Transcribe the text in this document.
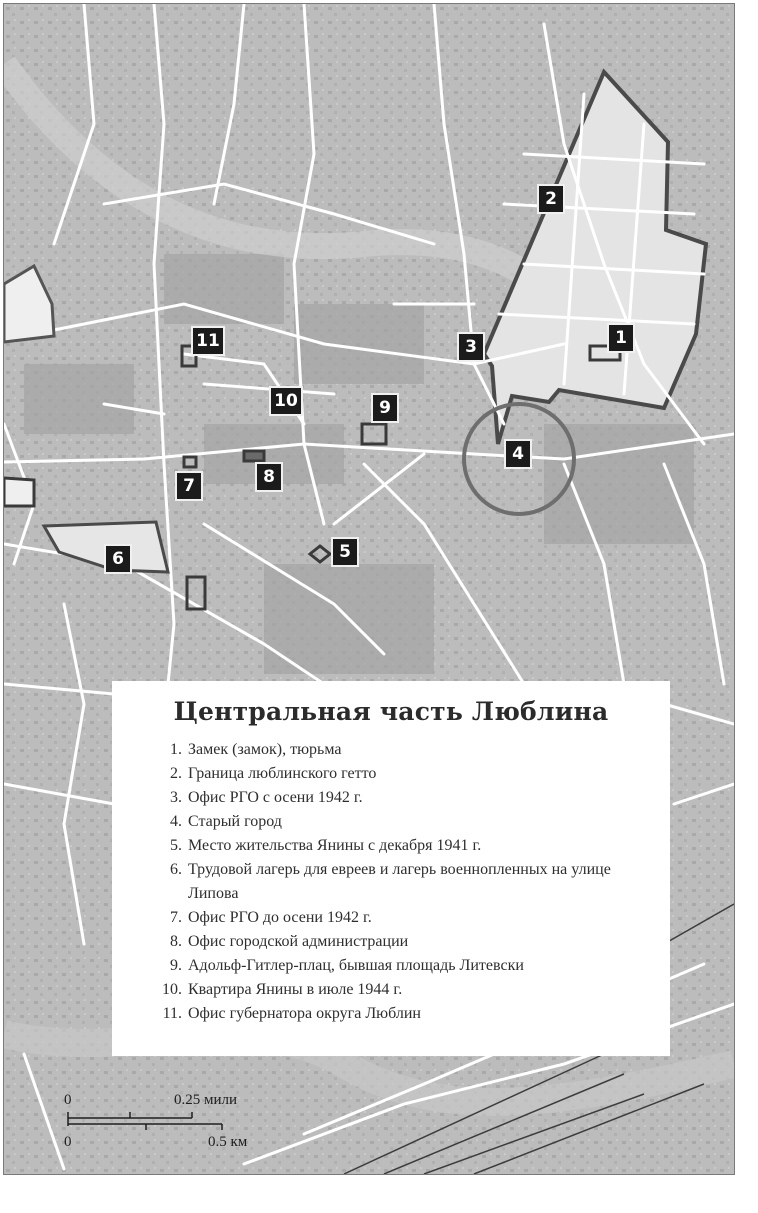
1
2
3
4
5
6
7	8
9
10
11
Центральная часть Люблина
1. Замек (замок), тюрьма
2. Граница люблинского гетто
3. Офис РГО с осени 1942 г.
4. Старый город
5. Место жительства Янины с декабря 1941 г.
6. Трудовой лагерь для евреев и лагерь военнопленных на улице Липова
7. Офис РГО до осени 1942 г.
8. Офис городской администрации
9. Адольф-Гитлер-плац, бывшая площадь Литевски
10. Квартира Янины в июле 1944 г.
11. Офис губернатора округа Люблин
0	0.25 мили
0	0.5 км
